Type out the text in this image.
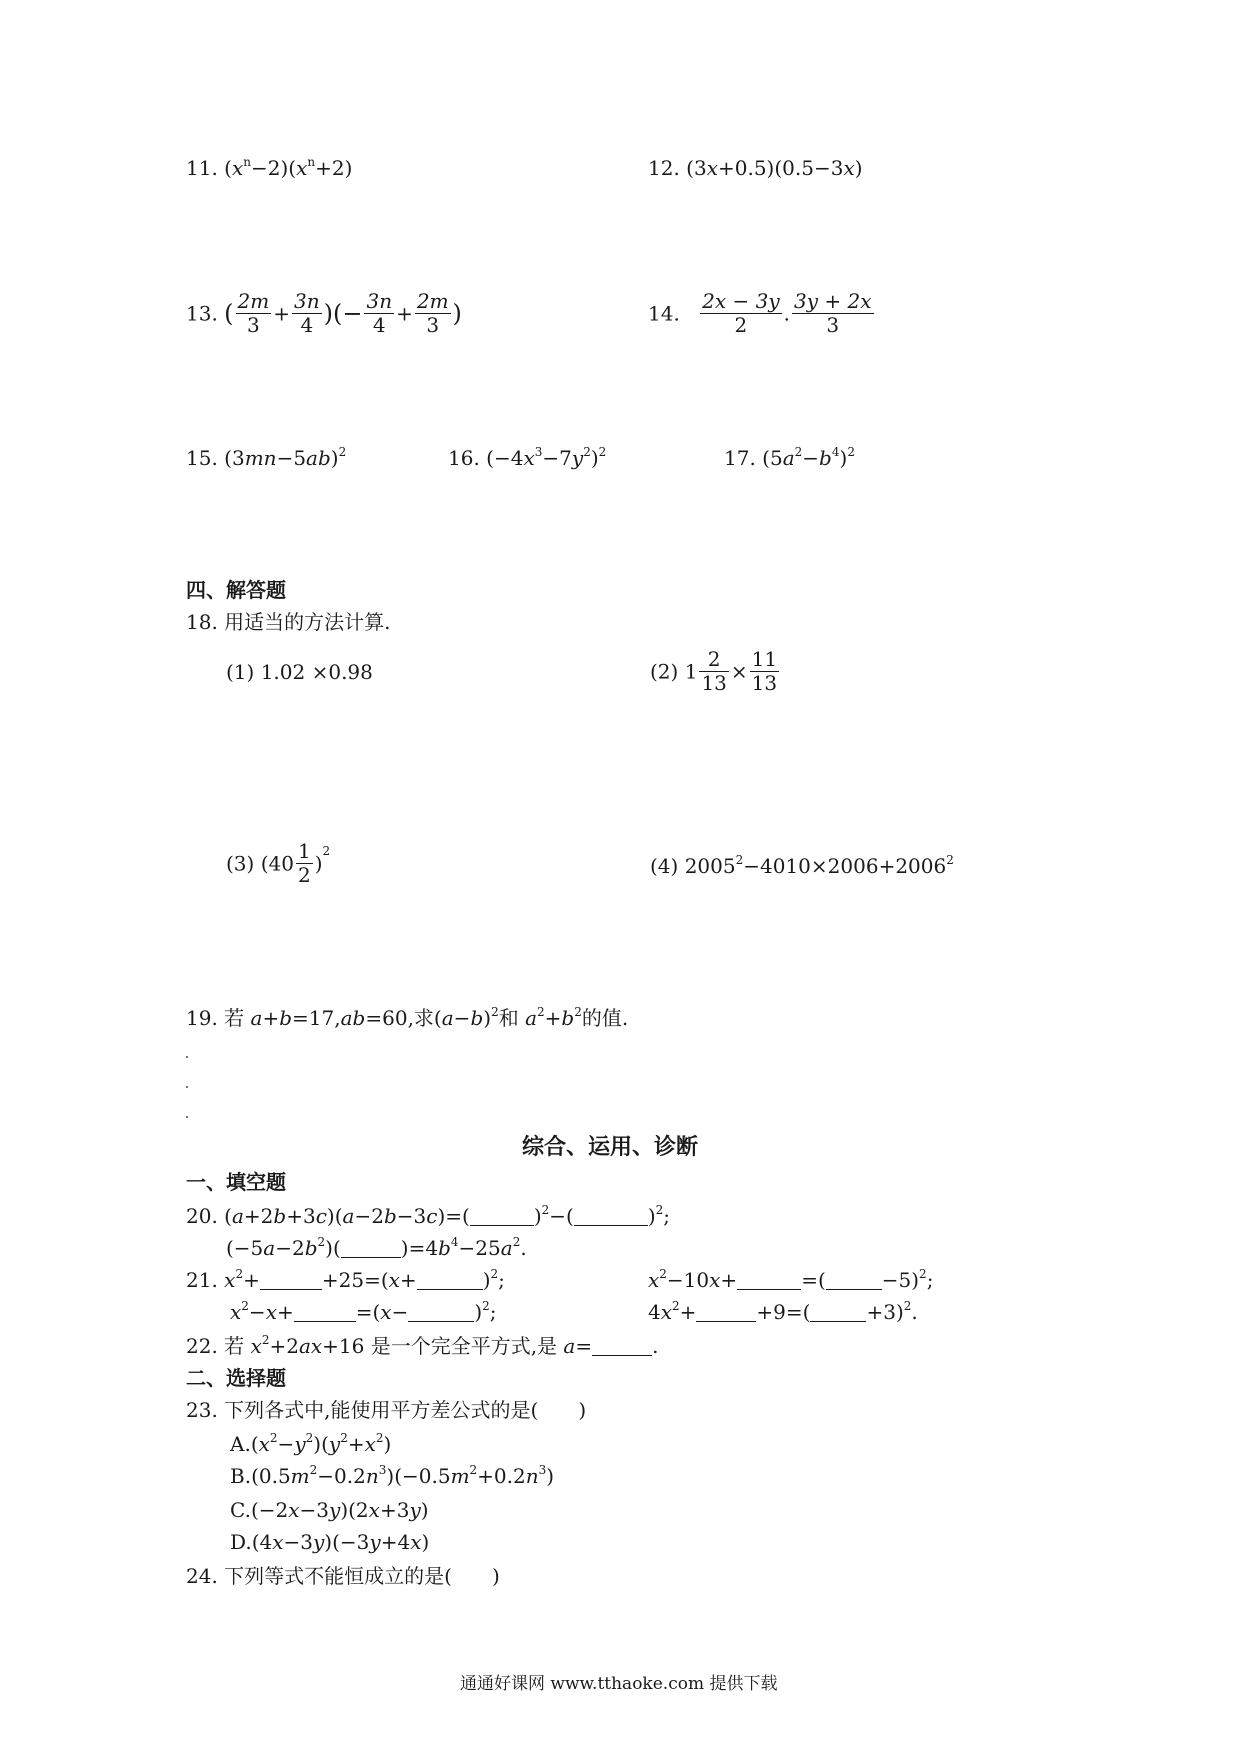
11. $(x^n-2)(x^n+2)$	12. (3x+0.5)(0.5−3x)
13. ( $\frac{2m}{3} + \frac{3n}{4}$ )(− $\frac{3n}{4} + \frac{2m}{3}$ )	14. $\frac{2x - 3y}{2}$ . $\frac{3y + 2x}{3}$
15. $(3mn-5ab)^2$	16. $(-4x^3-7y^2)^2$	17. $(5a^2-b^4)^2$
四、解答题
18. 用适当的方法计算.
(1) 1.02 ×0.98	(2) $1 \frac{2}{13} \times \frac{11}{13}$
(3) $(40 \frac{1}{2} )^2$
(4) $2005^2-4010\times 2006+2006^2$
19. 若 a+b=17,ab=60,求$(a-b)^2$和 $a^2+b^2$的值.
综合、运用、诊断
一、填空题
20. (a+2b+3c)(a−2b−3c)=(	)$^2$−(	)$^2$;
$(-5a-2b^2)$(	)$=4b^4-25a^2$.
21. $x^2+$	+25=(x+	)$^2$;	$x^2-10x+$	=(	−5)$^2$;
$x^2-x+$	=(x−	)$^2$;	$4x^2+$	+9=(	+3)$^2$.
22. 若 $x^2+2ax+16$ 是一个完全平方式,是 a=	.
二、选择题
23. 下列各式中,能使用平方差公式的是(　　)
$A.(x^2-y^2)(y^2+x^2)$
$B.(0.5m^2-0.2n^3)(-0.5m^2+0.2n^3)$
C.(−2x−3y)(2x+3y)
D.(4x−3y)(−3y+4x)
24. 下列等式不能恒成立的是(　　)
通通好课网 www.tthaoke.com 提供下载
